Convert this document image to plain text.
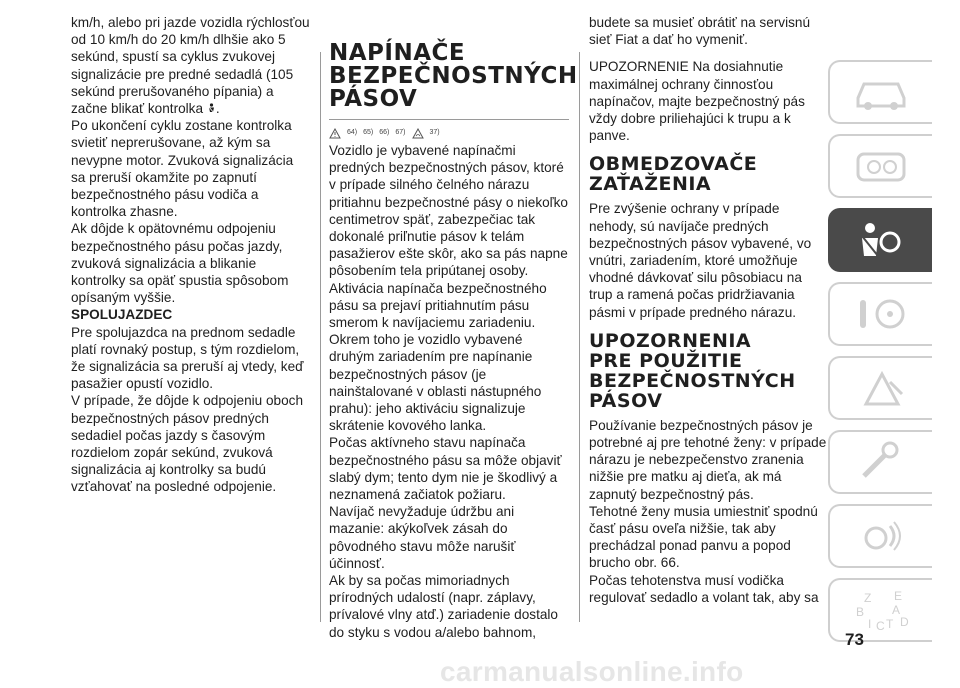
km/h, alebo pri jazde vozidla rýchlosťou od 10 km/h do 20 km/h dlhšie ako 5 sekúnd, spustí sa cyklus zvukovej signalizácie pre predné sedadlá (105 sekúnd prerušovaného pípania) a začne blikať kontrolka .

Po ukončení cyklu zostane kontrolka svietiť neprerušovane, až kým sa nevypne motor. Zvuková signalizácia sa preruší okamžite po zapnutí bezpečnostného pásu vodiča a kontrolka zhasne.

Ak dôjde k opätovnému odpojeniu bezpečnostného pásu počas jazdy, zvuková signalizácia a blikanie kontrolky sa opäť spustia spôsobom opísaným vyššie.

SPOLUJAZDEC

Pre spolujazdca na prednom sedadle platí rovnaký postup, s tým rozdielom, že signalizácia sa preruší aj vtedy, keď pasažier opustí vozidlo.

V prípade, že dôjde k odpojeniu oboch bezpečnostných pásov predných sedadiel počas jazdy s časovým rozdielom zopár sekúnd, zvuková signalizácia aj kontrolky sa budú vzťahovať na posledné odpojenie.

NAPÍNAČE
BEZPEČNOSTNÝCH
PÁSOV
64) 65) 66) 67)	37)

Vozidlo je vybavené napínačmi predných bezpečnostných pásov, ktoré v prípade silného čelného nárazu pritiahnu bezpečnostné pásy o niekoľko centimetrov späť, zabezpečiac tak dokonalé priľnutie pásov k telám pasažierov ešte skôr, ako sa pás napne pôsobením tela pripútanej osoby.

Aktivácia napínača bezpečnostného pásu sa prejaví pritiahnutím pásu smerom k navíjaciemu zariadeniu.

Okrem toho je vozidlo vybavené druhým zariadením pre napínanie bezpečnostných pásov (je nainštalované v oblasti nástupného prahu): jeho aktiváciu signalizuje skrátenie kovového lanka.

Počas aktívneho stavu napínača bezpečnostného pásu sa môže objaviť slabý dym; tento dym nie je škodlivý a neznamená začiatok požiaru.

Navíjač nevyžaduje údržbu ani mazanie: akýkoľvek zásah do pôvodného stavu môže narušiť účinnosť.

Ak by sa počas mimoriadnych prírodných udalostí (napr. záplavy, prívalové vlny atď.) zariadenie dostalo do styku s vodou a/alebo bahnom,

budete sa musieť obrátiť na servisnú sieť Fiat a dať ho vymeniť.

UPOZORNENIE Na dosiahnutie maximálnej ochrany činnosťou napínačov, majte bezpečnostný pás vždy dobre priliehajúci k trupu a k panve.

OBMEDZOVAČE
ZAŤAŽENIA

Pre zvýšenie ochrany v prípade nehody, sú navíjače predných bezpečnostných pásov vybavené, vo vnútri, zariadením, ktoré umožňuje vhodné dávkovať silu pôsobiacu na trup a ramená počas pridržiavania pásmi v prípade predného nárazu.

UPOZORNENIA
PRE POUŽITIE
BEZPEČNOSTNÝCH
PÁSOV

Používanie bezpečnostných pásov je potrebné aj pre tehotné ženy: v prípade nárazu je nebezpečenstvo zranenia nižšie pre matku aj dieťa, ak má zapnutý bezpečnostný pás.

Tehotné ženy musia umiestniť spodnú časť pásu oveľa nižšie, tak aby prechádzal ponad panvu a popod brucho obr. 66.

Počas tehotenstva musí vodička regulovať sedadlo a volant tak, aby sa	Z E
B A
I C T D
73
carmanualsonline.info
